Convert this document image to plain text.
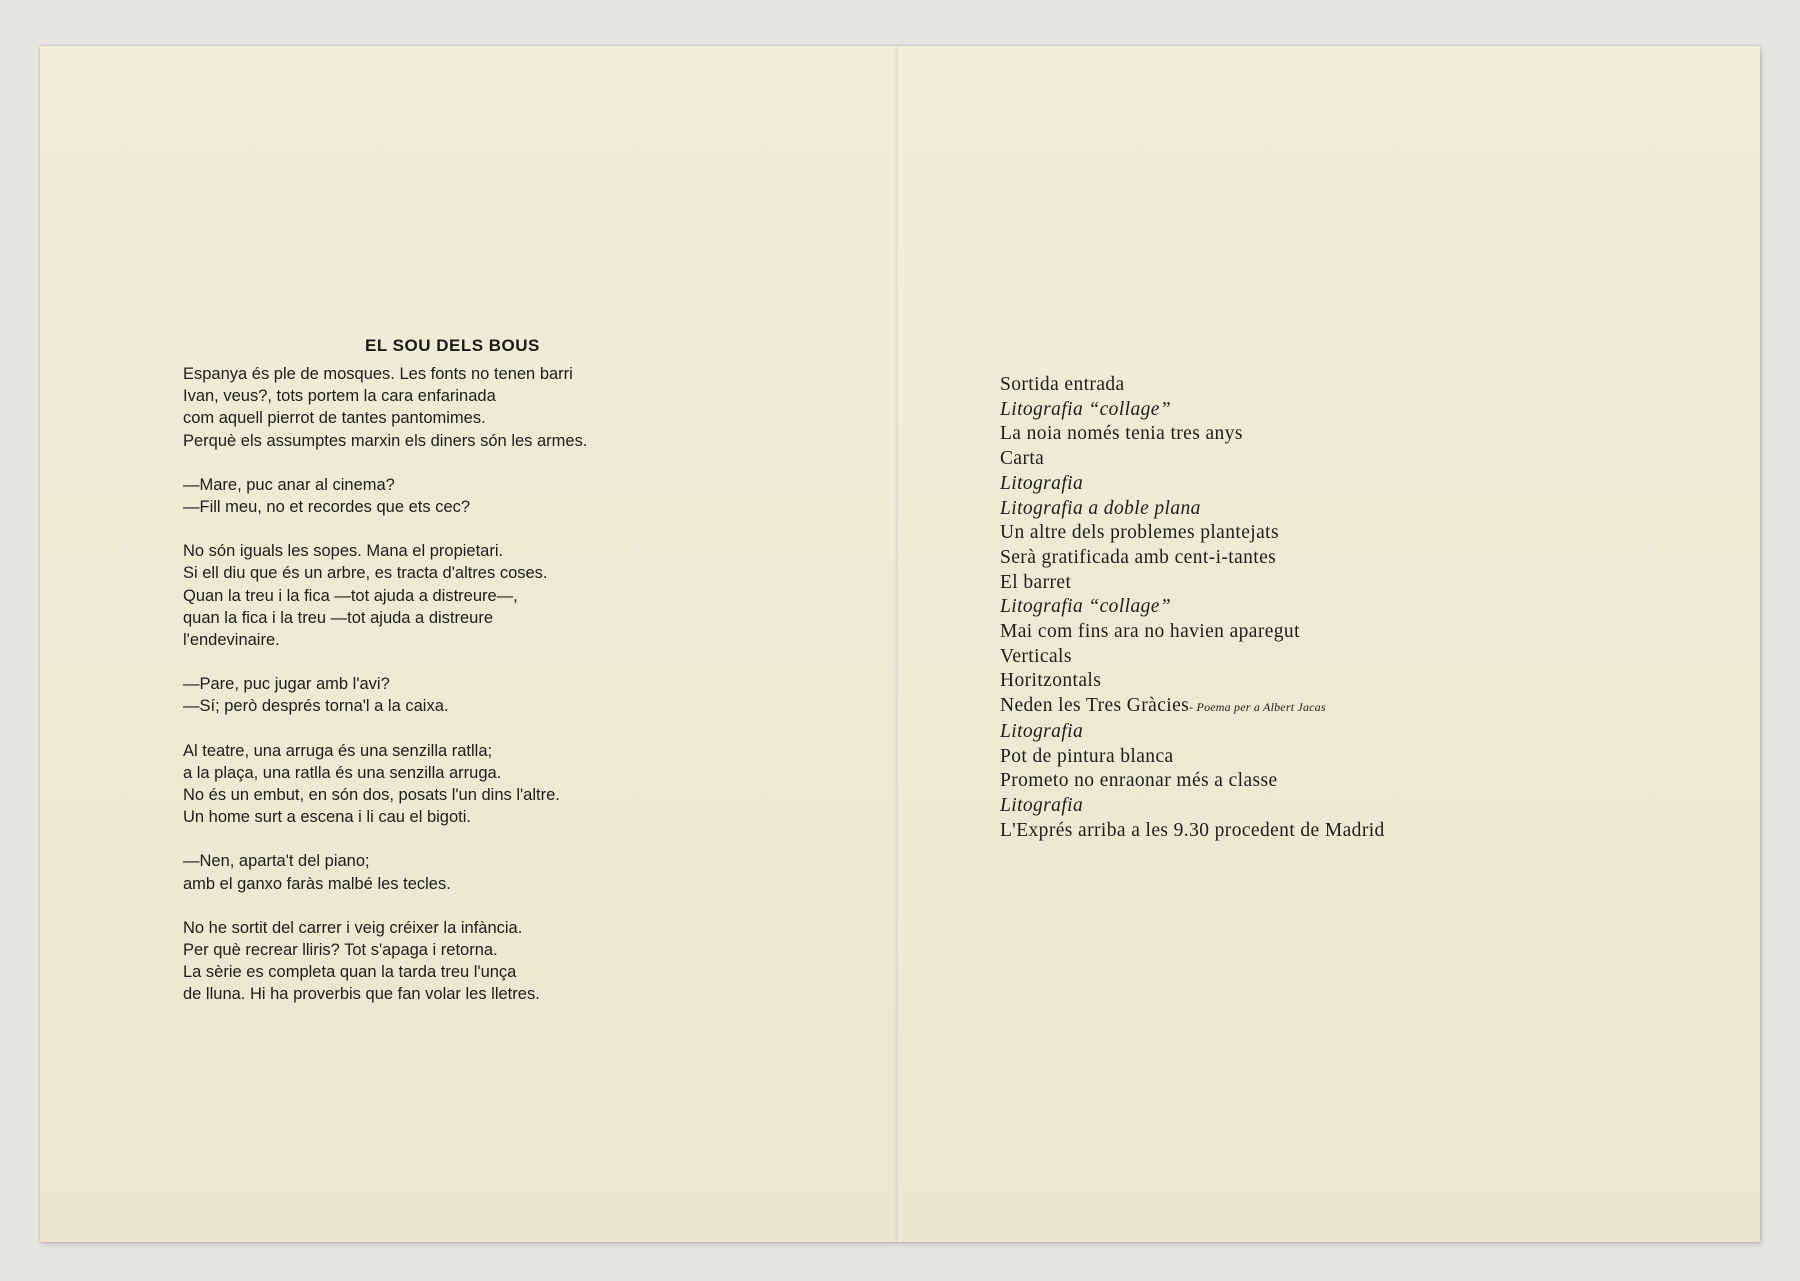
EL SOU DELS BOUS

Espanya és ple de mosques. Les fonts no tenen barri
Ivan, veus?, tots portem la cara enfarinada
com aquell pierrot de tantes pantomimes.
Perquè els assumptes marxin els diners són les armes.

—Mare, puc anar al cinema?
—Fill meu, no et recordes que ets cec?

No són iguals les sopes. Mana el propietari.
Si ell diu que és un arbre, es tracta d'altres coses.
Quan la treu i la fica —tot ajuda a distreure—,
quan la fica i la treu —tot ajuda a distreure
l'endevinaire.

—Pare, puc jugar amb l'avi?
—Sí; però després torna'l a la caixa.

Al teatre, una arruga és una senzilla ratlla;
a la plaça, una ratlla és una senzilla arruga.
No és un embut, en són dos, posats l'un dins l'altre.
Un home surt a escena i li cau el bigoti.

—Nen, aparta't del piano;
amb el ganxo faràs malbé les tecles.

No he sortit del carrer i veig créixer la infància.
Per què recrear lliris? Tot s'apaga i retorna.
La sèrie es completa quan la tarda treu l'unça
de lluna. Hi ha proverbis que fan volar les lletres.

Sortida entrada
Litografia “collage”
La noia només tenia tres anys
Carta
Litografia
Litografia a doble plana
Un altre dels problemes plantejats
Serà gratificada amb cent-i-tantes
El barret
Litografia “collage”
Mai com fins ara no havien aparegut
Verticals
Horitzontals
Neden les Tres Gràcies- Poema per a Albert Jacas
Litografia
Pot de pintura blanca
Prometo no enraonar més a classe
Litografia
L'Exprés arriba a les 9.30 procedent de Madrid
